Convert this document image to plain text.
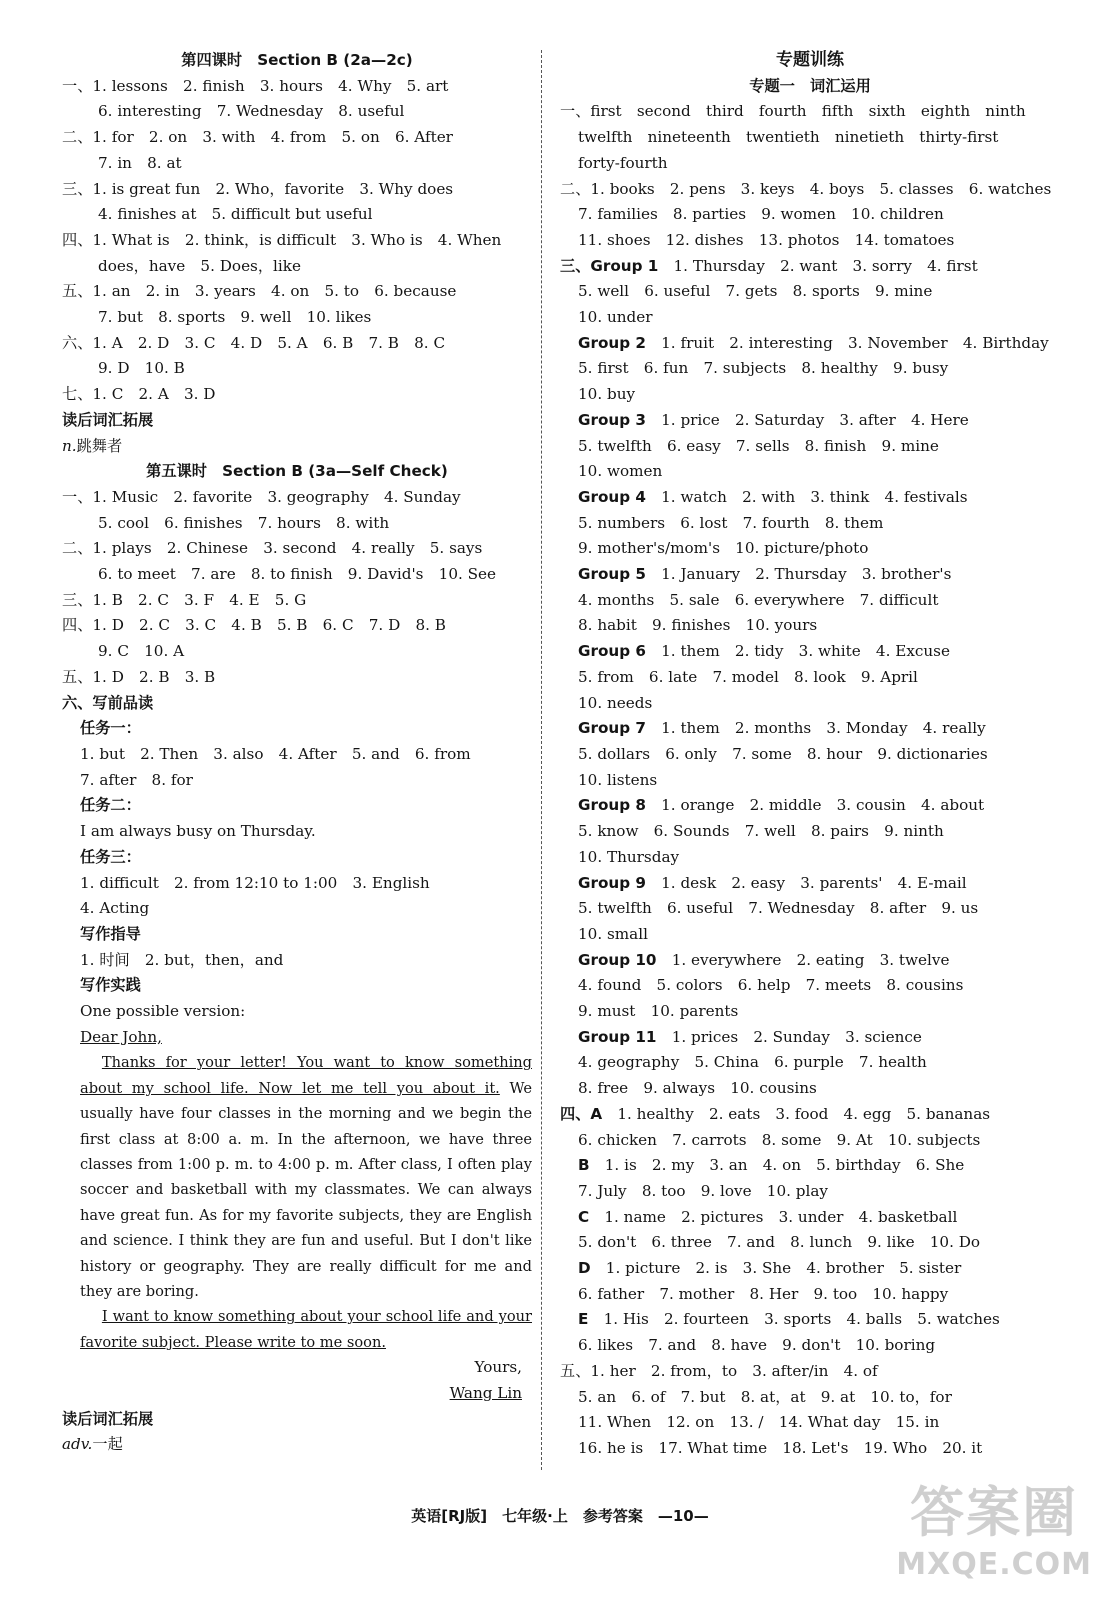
第四课时　Section B (2a—2c)
一、1. lessons　2. finish　3. hours　4. Why　5. art
6. interesting　7. Wednesday　8. useful
二、1. for　2. on　3. with　4. from　5. on　6. After
7. in　8. at
三、1. is great fun　2. Who，favorite　3. Why does
4. finishes at　5. difficult but useful
四、1. What is　2. think，is difficult　3. Who is　4. When
does，have　5. Does，like
五、1. an　2. in　3. years　4. on　5. to　6. because
7. but　8. sports　9. well　10. likes
六、1. A　2. D　3. C　4. D　5. A　6. B　7. B　8. C
9. D　10. B
七、1. C　2. A　3. D
读后词汇拓展
n.跳舞者
第五课时　Section B (3a—Self Check)
一、1. Music　2. favorite　3. geography　4. Sunday
5. cool　6. finishes　7. hours　8. with
二、1. plays　2. Chinese　3. second　4. really　5. says
6. to meet　7. are　8. to finish　9. David's　10. See
三、1. B　2. C　3. F　4. E　5. G
四、1. D　2. C　3. C　4. B　5. B　6. C　7. D　8. B
9. C　10. A
五、1. D　2. B　3. B
六、写前品读
任务一：
1. but　2. Then　3. also　4. After　5. and　6. from
7. after　8. for
任务二：
I am always busy on Thursday.
任务三：
1. difficult　2. from 12:10 to 1:00　3. English
4. Acting
写作指导
1. 时间　2. but，then，and
写作实践
One possible version:
Dear John,
  Thanks for your letter! You want to know something about my school life. Now let me tell you about it. We usually have four classes in the morning and we begin the first class at 8:00 a. m. In the afternoon, we have three classes from 1:00 p. m. to 4:00 p. m. After class, I often play soccer and basketball with my classmates. We can always have great fun. As for my favorite subjects, they are English and science. I think they are fun and useful. But I don't like history or geography. They are really difficult for me and they are boring.
  I want to know something about your school life and your favorite subject. Please write to me soon.
Yours,
Wang Lin
读后词汇拓展
adv.一起
专题训练
专题一　词汇运用
一、first　second　third　fourth　fifth　sixth　eighth　ninth
twelfth　nineteenth　twentieth　ninetieth　thirty-first
forty-fourth
二、1. books　2. pens　3. keys　4. boys　5. classes　6. watches
7. families　8. parties　9. women　10. children
11. shoes　12. dishes　13. photos　14. tomatoes
三、Group 1　1. Thursday　2. want　3. sorry　4. first
5. well　6. useful　7. gets　8. sports　9. mine
10. under
Group 2　1. fruit　2. interesting　3. November　4. Birthday
5. first　6. fun　7. subjects　8. healthy　9. busy
10. buy
Group 3　1. price　2. Saturday　3. after　4. Here
5. twelfth　6. easy　7. sells　8. finish　9. mine
10. women
Group 4　1. watch　2. with　3. think　4. festivals
5. numbers　6. lost　7. fourth　8. them
9. mother's/mom's　10. picture/photo
Group 5　1. January　2. Thursday　3. brother's
4. months　5. sale　6. everywhere　7. difficult
8. habit　9. finishes　10. yours
Group 6　1. them　2. tidy　3. white　4. Excuse
5. from　6. late　7. model　8. look　9. April
10. needs
Group 7　1. them　2. months　3. Monday　4. really
5. dollars　6. only　7. some　8. hour　9. dictionaries
10. listens
Group 8　1. orange　2. middle　3. cousin　4. about
5. know　6. Sounds　7. well　8. pairs　9. ninth
10. Thursday
Group 9　1. desk　2. easy　3. parents'　4. E-mail
5. twelfth　6. useful　7. Wednesday　8. after　9. us
10. small
Group 10　1. everywhere　2. eating　3. twelve
4. found　5. colors　6. help　7. meets　8. cousins
9. must　10. parents
Group 11　1. prices　2. Sunday　3. science
4. geography　5. China　6. purple　7. health
8. free　9. always　10. cousins
四、A　1. healthy　2. eats　3. food　4. egg　5. bananas
6. chicken　7. carrots　8. some　9. At　10. subjects
B　1. is　2. my　3. an　4. on　5. birthday　6. She
7. July　8. too　9. love　10. play
C　1. name　2. pictures　3. under　4. basketball
5. don't　6. three　7. and　8. lunch　9. like　10. Do
D　1. picture　2. is　3. She　4. brother　5. sister
6. father　7. mother　8. Her　9. too　10. happy
E　1. His　2. fourteen　3. sports　4. balls　5. watches
6. likes　7. and　8. have　9. don't　10. boring
五、1. her　2. from，to　3. after/in　4. of
5. an　6. of　7. but　8. at，at　9. at　10. to，for
11. When　12. on　13. /　14. What day　15. in
16. he is　17. What time　18. Let's　19. Who　20. it
英语[RJ版]　七年级·上　参考答案　—10—	答案圈
MXQE.COM
